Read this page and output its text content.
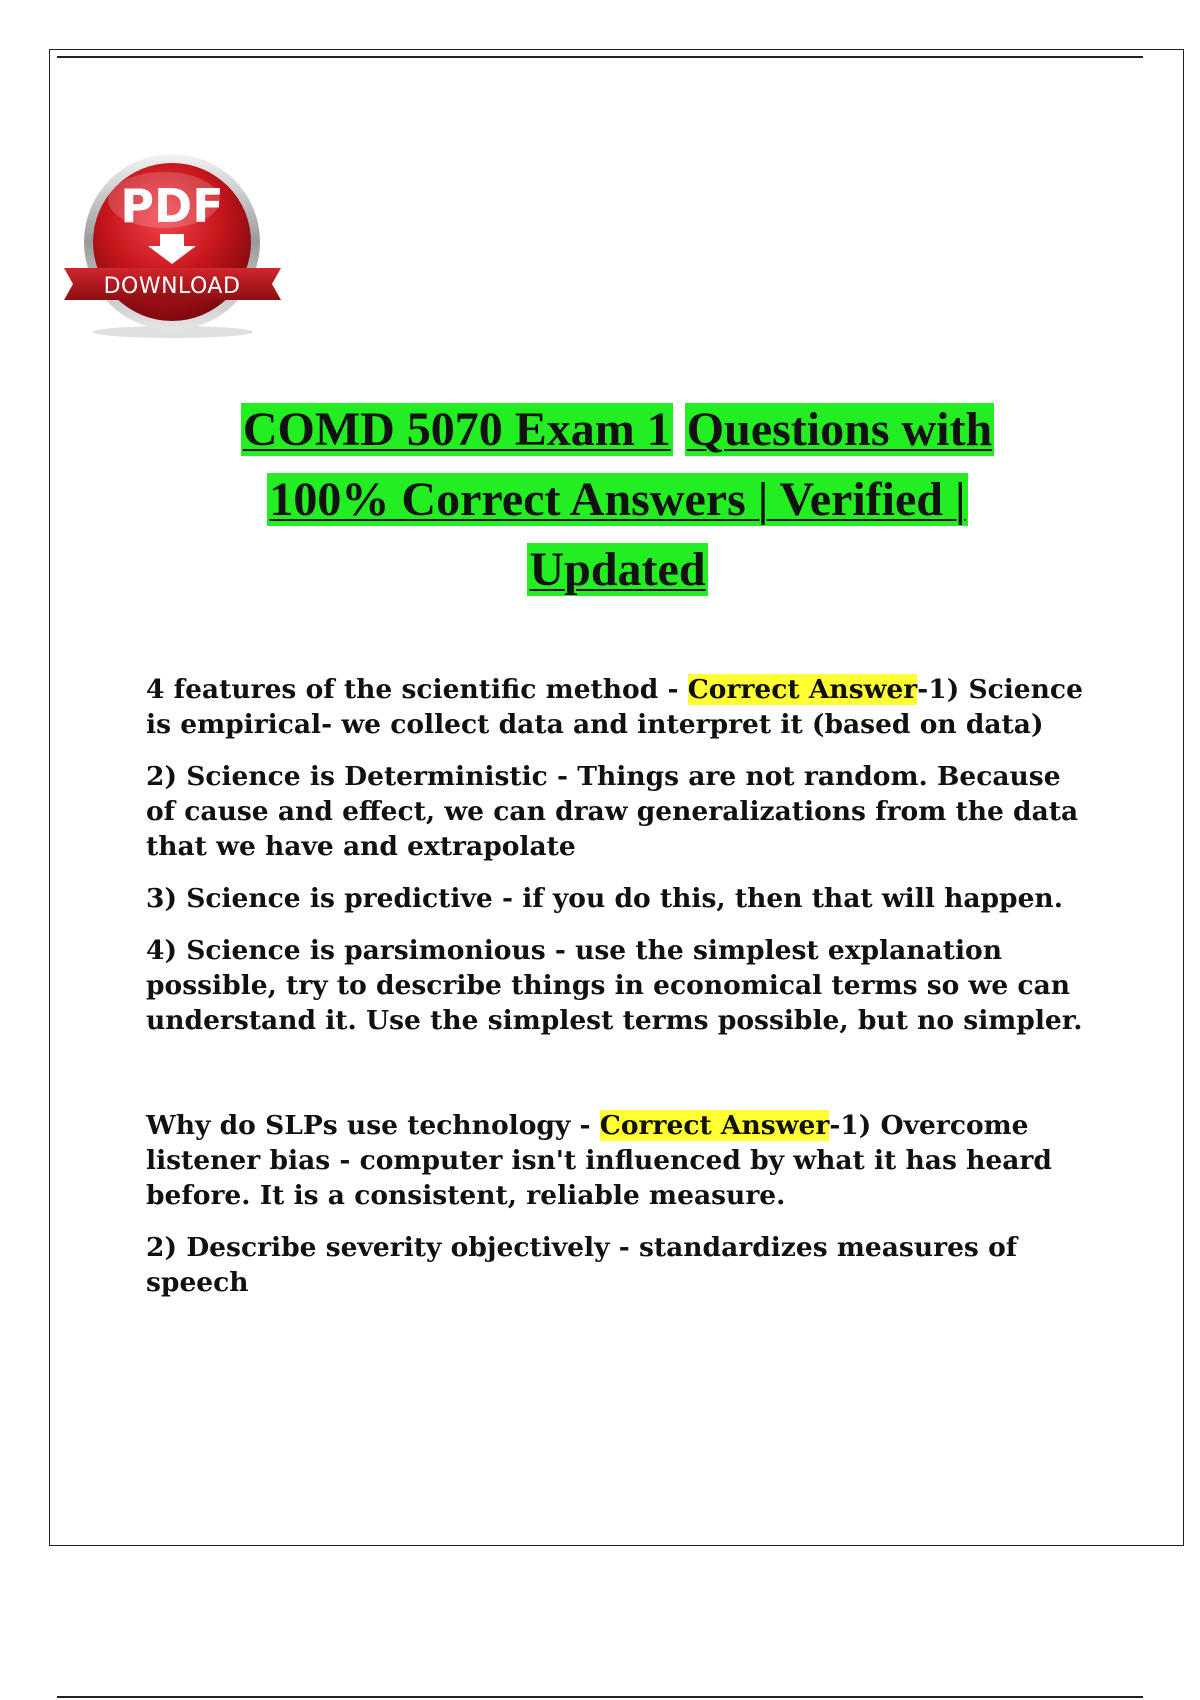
PDF
DOWNLOAD
COMD 5070 Exam 1 Questions with
100% Correct Answers | Verified |
Updated

4 features of the scientific method - Correct Answer-1) Science is empirical- we collect data and interpret it (based on data)

2) Science is Deterministic - Things are not random. Because of cause and effect, we can draw generalizations from the data that we have and extrapolate

3) Science is predictive - if you do this, then that will happen.

4) Science is parsimonious - use the simplest explanation possible, try to describe things in economical terms so we can understand it. Use the simplest terms possible, but no simpler.

Why do SLPs use technology - Correct Answer-1) Overcome listener bias - computer isn't influenced by what it has heard before. It is a consistent, reliable measure.

2) Describe severity objectively - standardizes measures of speech
